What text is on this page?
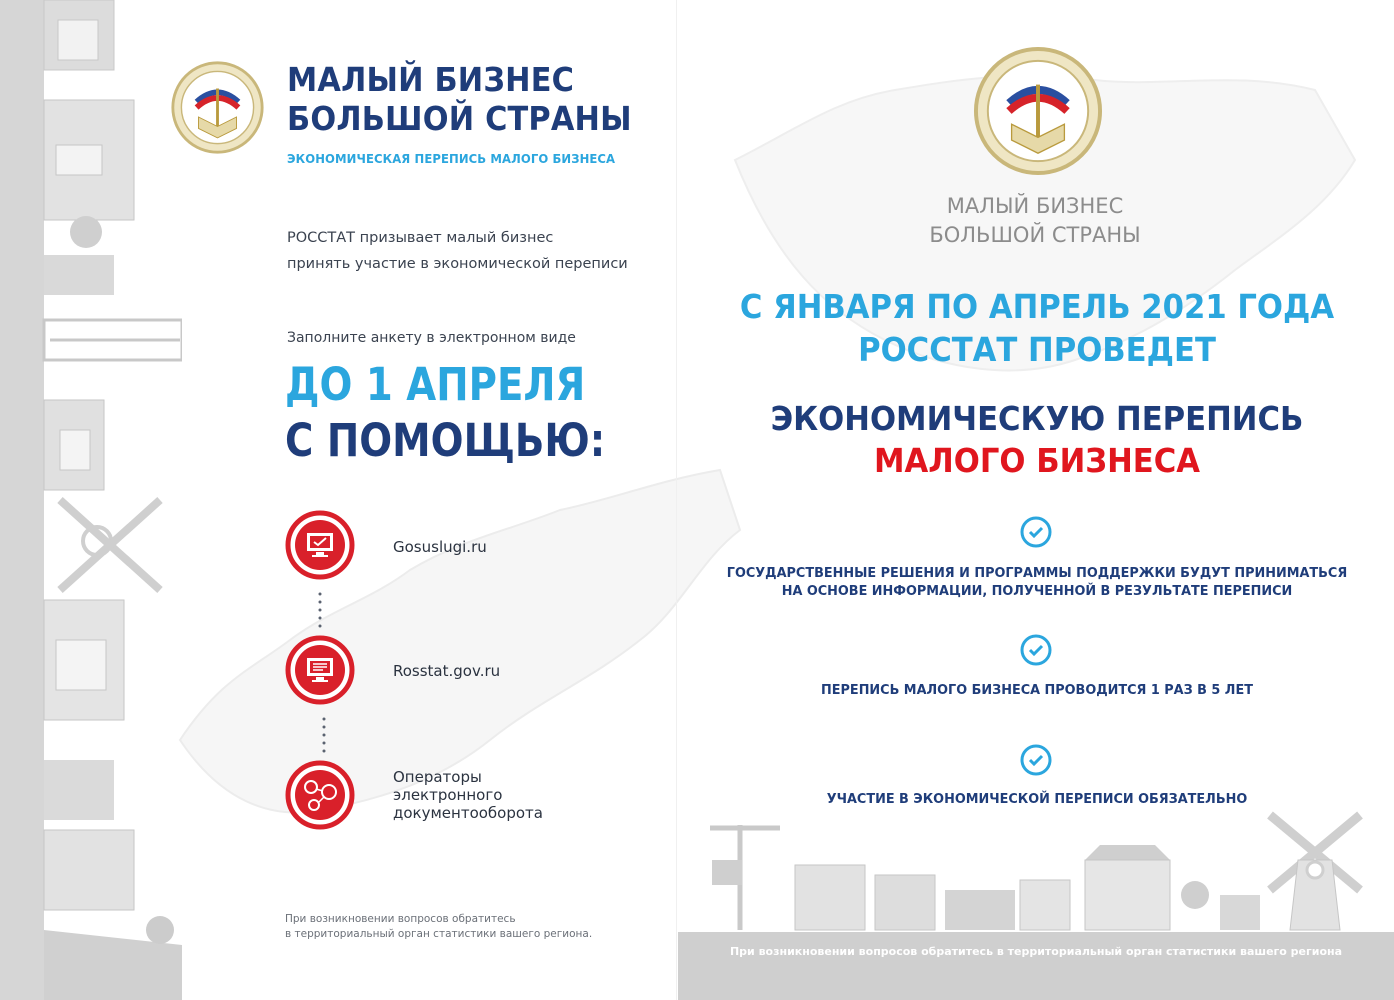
МАЛЫЙ БИЗНЕС
БОЛЬШОЙ СТРАНЫ
ЭКОНОМИЧЕСКАЯ ПЕРЕПИСЬ МАЛОГО БИЗНЕСА
РОССТАТ призывает малый бизнес
принять участие в экономической переписи
Заполните анкету в электронном виде
ДО 1 АПРЕЛЯ
С ПОМОЩЬЮ:
Gosuslugi.ru
Rosstat.gov.ru
Операторы
электронного
документооборота
При возникновении вопросов обратитесь
в территориальный орган статистики вашего региона.
МАЛЫЙ БИЗНЕС
БОЛЬШОЙ СТРАНЫ
С ЯНВАРЯ ПО АПРЕЛЬ 2021 ГОДА
РОССТАТ ПРОВЕДЕТ
ЭКОНОМИЧЕСКУЮ ПЕРЕПИСЬ
МАЛОГО БИЗНЕСА
ГОСУДАРСТВЕННЫЕ РЕШЕНИЯ И ПРОГРАММЫ ПОДДЕРЖКИ БУДУТ ПРИНИМАТЬСЯ
НА ОСНОВЕ ИНФОРМАЦИИ, ПОЛУЧЕННОЙ В РЕЗУЛЬТАТЕ ПЕРЕПИСИ
ПЕРЕПИСЬ МАЛОГО БИЗНЕСА ПРОВОДИТСЯ 1 РАЗ В 5 ЛЕТ
УЧАСТИЕ В ЭКОНОМИЧЕСКОЙ ПЕРЕПИСИ ОБЯЗАТЕЛЬНО
При возникновении вопросов обратитесь в территориальный орган статистики вашего региона
